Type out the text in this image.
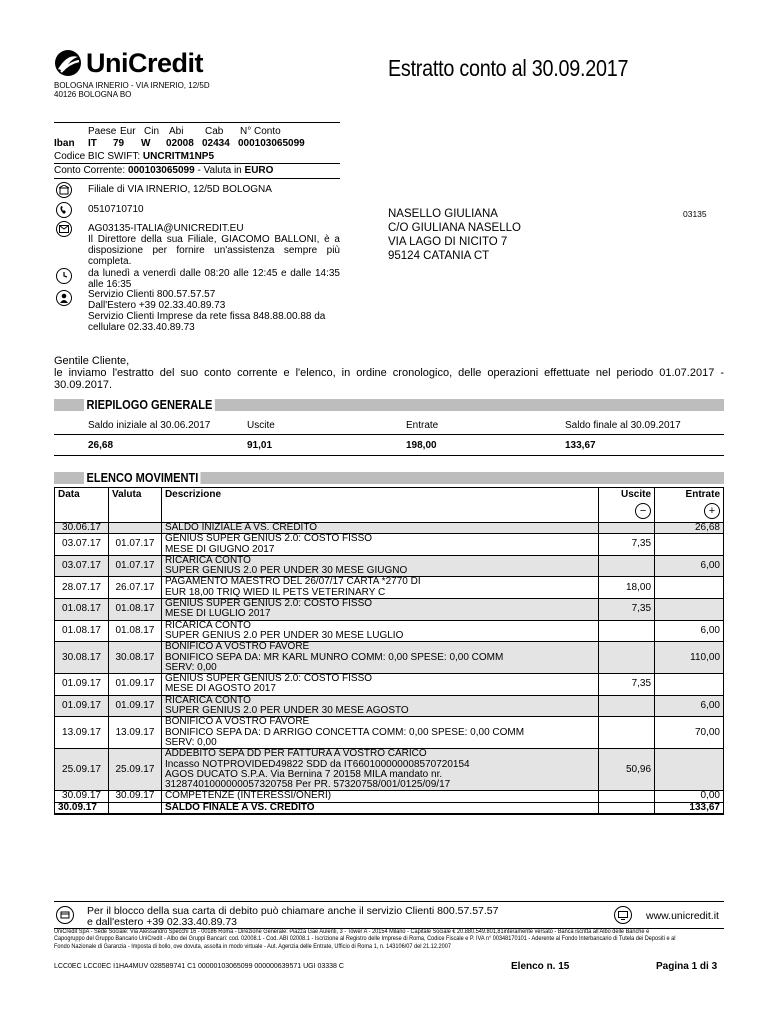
UniCredit
BOLOGNA IRNERIO - VIA IRNERIO, 12/5D
40126 BOLOGNA BO
Estratto conto al 30.09.2017
Paese Eur Cin Abi	Cab	N° Conto
Iban	IT	79	W	02008 02434 000103065099
Codice BIC SWIFT: UNCRITM1NP5
Conto Corrente: 000103065099 - Valuta in EURO
Filiale di VIA IRNERIO, 12/5D BOLOGNA
0510710710
AG03135-ITALIA@UNICREDIT.EU
Il Direttore della sua Filiale, GIACOMO BALLONI, è a disposizione per fornire un'assistenza sempre più completa.
da lunedì a venerdì dalle 08:20 alle 12:45 e dalle 14:35 alle 16:35
Servizio Clienti 800.57.57.57
Dall'Estero +39 02.33.40.89.73
Servizio Clienti Imprese da rete fissa 848.88.00.88 da cellulare 02.33.40.89.73
NASELLO GIULIANA
C/O GIULIANA NASELLO
VIA LAGO DI NICITO 7
95124 CATANIA CT
03135
Gentile Cliente,
le inviamo l'estratto del suo conto corrente e l'elenco, in ordine cronologico, delle operazioni effettuate nel periodo 01.07.2017 - 30.09.2017.
RIEPILOGO GENERALE
Saldo iniziale al 30.06.2017	Uscite	Entrate	Saldo finale al 30.09.2017
26,68	91,01	198,00	133,67
ELENCO MOVIMENTI
Data	Valuta	Descrizione	Uscite
−	Entrate
+
30.06.17		SALDO INIZIALE A VS. CREDITO		26,68
03.07.17	01.07.17	GENIUS SUPER GENIUS 2.0: COSTO FISSO
MESE DI GIUGNO 2017	7,35	
03.07.17	01.07.17	RICARICA CONTO
SUPER GENIUS 2.0 PER UNDER 30 MESE GIUGNO		6,00
28.07.17	26.07.17	PAGAMENTO MAESTRO DEL 26/07/17 CARTA *2770 DI
EUR 18,00 TRIQ WIED IL PETS VETERINARY C	18,00	
01.08.17	01.08.17	GENIUS SUPER GENIUS 2.0: COSTO FISSO
MESE DI LUGLIO 2017	7,35	
01.08.17	01.08.17	RICARICA CONTO
SUPER GENIUS 2.0 PER UNDER 30 MESE LUGLIO		6,00
30.08.17	30.08.17	BONIFICO A VOSTRO FAVORE
BONIFICO SEPA DA: MR KARL MUNRO COMM: 0,00 SPESE: 0,00 COMM
SERV: 0,00		110,00
01.09.17	01.09.17	GENIUS SUPER GENIUS 2.0: COSTO FISSO
MESE DI AGOSTO 2017	7,35	
01.09.17	01.09.17	RICARICA CONTO
SUPER GENIUS 2.0 PER UNDER 30 MESE AGOSTO		6,00
13.09.17	13.09.17	BONIFICO A VOSTRO FAVORE
BONIFICO SEPA DA: D ARRIGO CONCETTA COMM: 0,00 SPESE: 0,00 COMM
SERV: 0,00		70,00
25.09.17	25.09.17	ADDEBITO SEPA DD PER FATTURA A VOSTRO CARICO
Incasso NOTPROVIDED49822 SDD da IT660100000008570720154
AGOS DUCATO S.P.A. Via Bernina 7 20158 MILA mandato nr.
31287401000000057320758 Per PR. 57320758/001/0125/09/17	50,96	
30.09.17	30.09.17	COMPETENZE (INTERESSI/ONERI)		0,00
30.09.17		SALDO FINALE A VS. CREDITO		133,67
Per il blocco della sua carta di debito può chiamare anche il servizio Clienti 800.57.57.57
e dall'estero +39 02.33.40.89.73	www.unicredit.it
UniCredit SpA - Sede Sociale: Via Alessandro Specchi 16 - 00186 Roma - Direzione Generale: Piazza Gae Aulenti, 3 - Tower A - 20154 Milano - Capitale Sociale € 20.880.549.801,81interamente versato - Banca iscritta all'Albo delle Banche e Capogruppo del Gruppo Bancario UniCredit - Albo dei Gruppi Bancari: cod. 02008.1 - Cod. ABI 02008.1 - Iscrizione al Registro delle Imprese di Roma, Codice Fiscale e P. IVA n° 00348170101 - Aderente al Fondo Interbancario di Tutela dei Depositi e al Fondo Nazionale di Garanzia - Imposta di bollo, ove dovuta, assolta in modo virtuale - Aut. Agenzia delle Entrate, Ufficio di Roma 1, n. 143106/07 del 21.12.2007
LCC0EC LCC0EC I1HA4MUV 028589741 C1 00000103065099 000000639571 UGI 03338 C	Elenco n. 15	Pagina 1 di 3
